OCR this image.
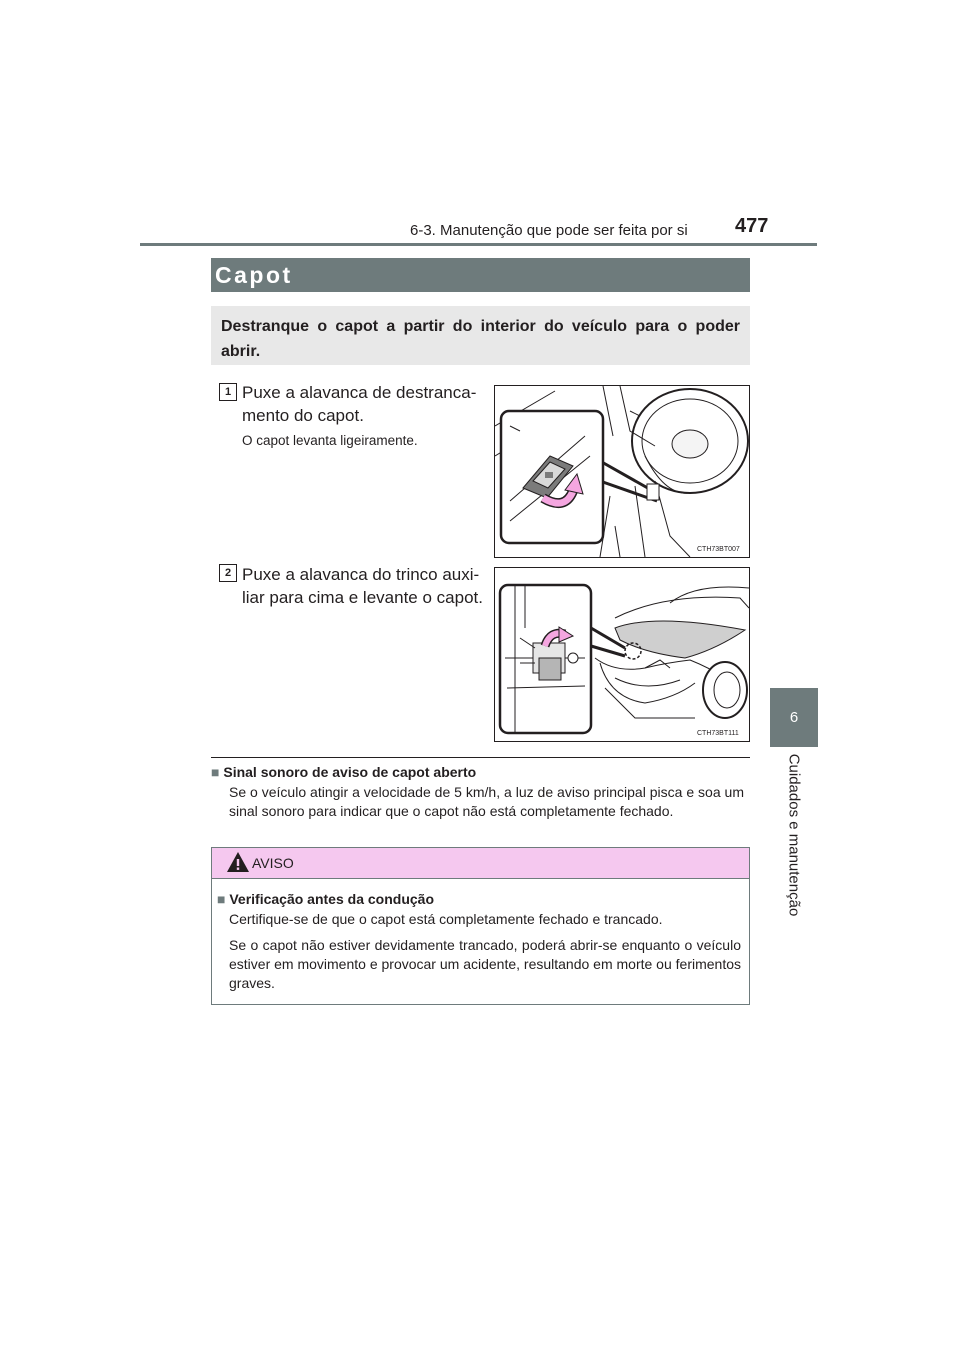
6-3. Manutenção que pode ser feita por si 477
6
Cuidados e manutenção
Capot
Destranque o capot a partir do interior do veículo para o poder abrir.
1 Puxe a alavanca de destranca-
mento do capot.
O capot levanta ligeiramente.
CTH73BT007
2 Puxe a alavanca do trinco auxi-
liar para cima e levante o capot.
CTH73BT111
■ Sinal sonoro de aviso de capot aberto
Se o veículo atingir a velocidade de 5 km/h, a luz de aviso principal pisca e soa um sinal sonoro para indicar que o capot não está completamente fechado.
AVISO
■ Verificação antes da condução
Certifique-se de que o capot está completamente fechado e trancado.
Se o capot não estiver devidamente trancado, poderá abrir-se enquanto o veículo estiver em movimento e provocar um acidente, resultando em morte ou ferimentos graves.
